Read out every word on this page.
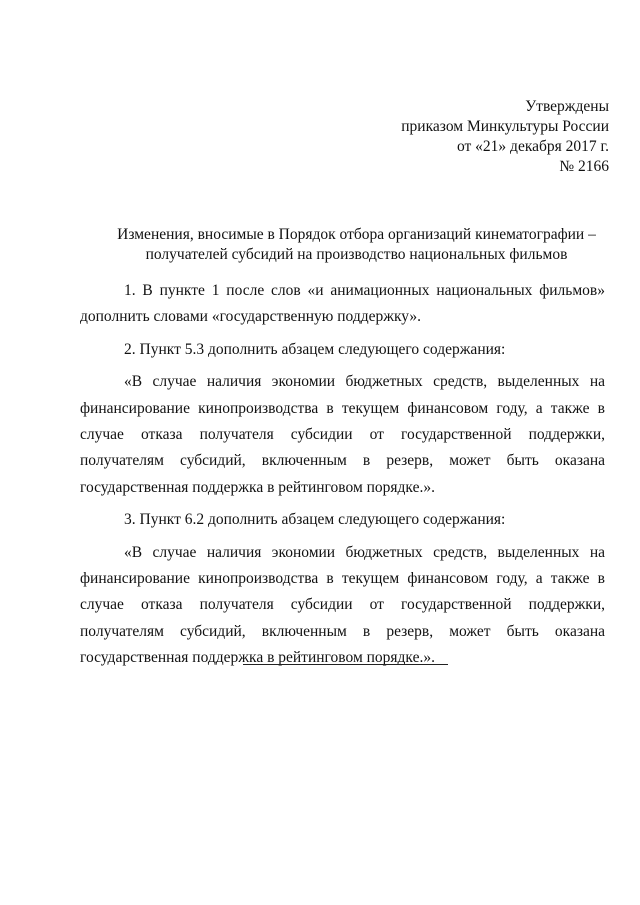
Утверждены
приказом Минкультуры России
от «21» декабря 2017 г.
№ 2166
Изменения, вносимые в Порядок отбора организаций кинематографии –
получателей субсидий на производство национальных фильмов

1. В пункте 1 после слов «и анимационных национальных фильмов» дополнить словами «государственную поддержку».

2. Пункт 5.3 дополнить абзацем следующего содержания:

«В случае наличия экономии бюджетных средств, выделенных на финансирование кинопроизводства в текущем финансовом году, а также в случае отказа получателя субсидии от государственной поддержки, получателям субсидий, включенным в резерв, может быть оказана государственная поддержка в рейтинговом порядке.».

3. Пункт 6.2 дополнить абзацем следующего содержания:

«В случае наличия экономии бюджетных средств, выделенных на финансирование кинопроизводства в текущем финансовом году, а также в случае отказа получателя субсидии от государственной поддержки, получателям субсидий, включенным в резерв, может быть оказана государственная поддержка в рейтинговом порядке.».
